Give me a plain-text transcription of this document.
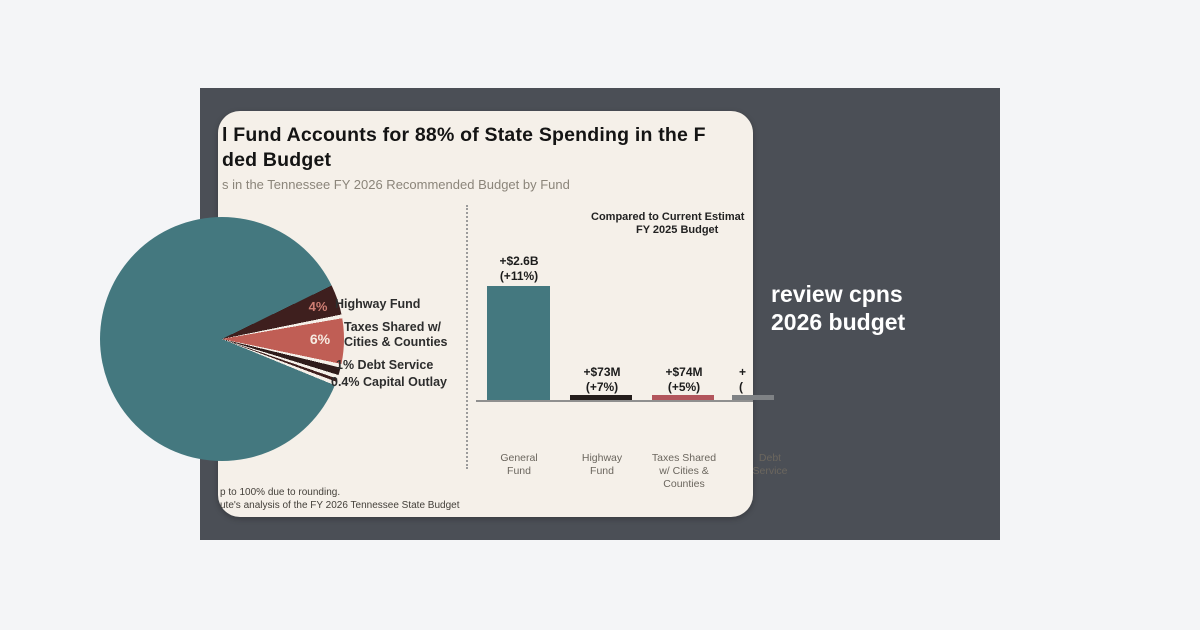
l Fund Accounts for 88% of State Spending in the F
ded Budget
s in the Tennessee FY 2026 Recommended Budget by Fund
4%
6%
Highway Fund
Taxes Shared w/
Cities & Counties
1% Debt Service
0.4% Capital Outlay
Compared to Current Estimat
FY 2025 Budget
+$2.6B
(+11%)
+$73M
(+7%)
+$74M
(+5%)
+
(
General
Fund
Highway
Fund
Taxes Shared
w/ Cities &
Counties
Debt
Service
p to 100% due to rounding.
ute's analysis of the FY 2026 Tennessee State Budget
review cpns
2026 budget
